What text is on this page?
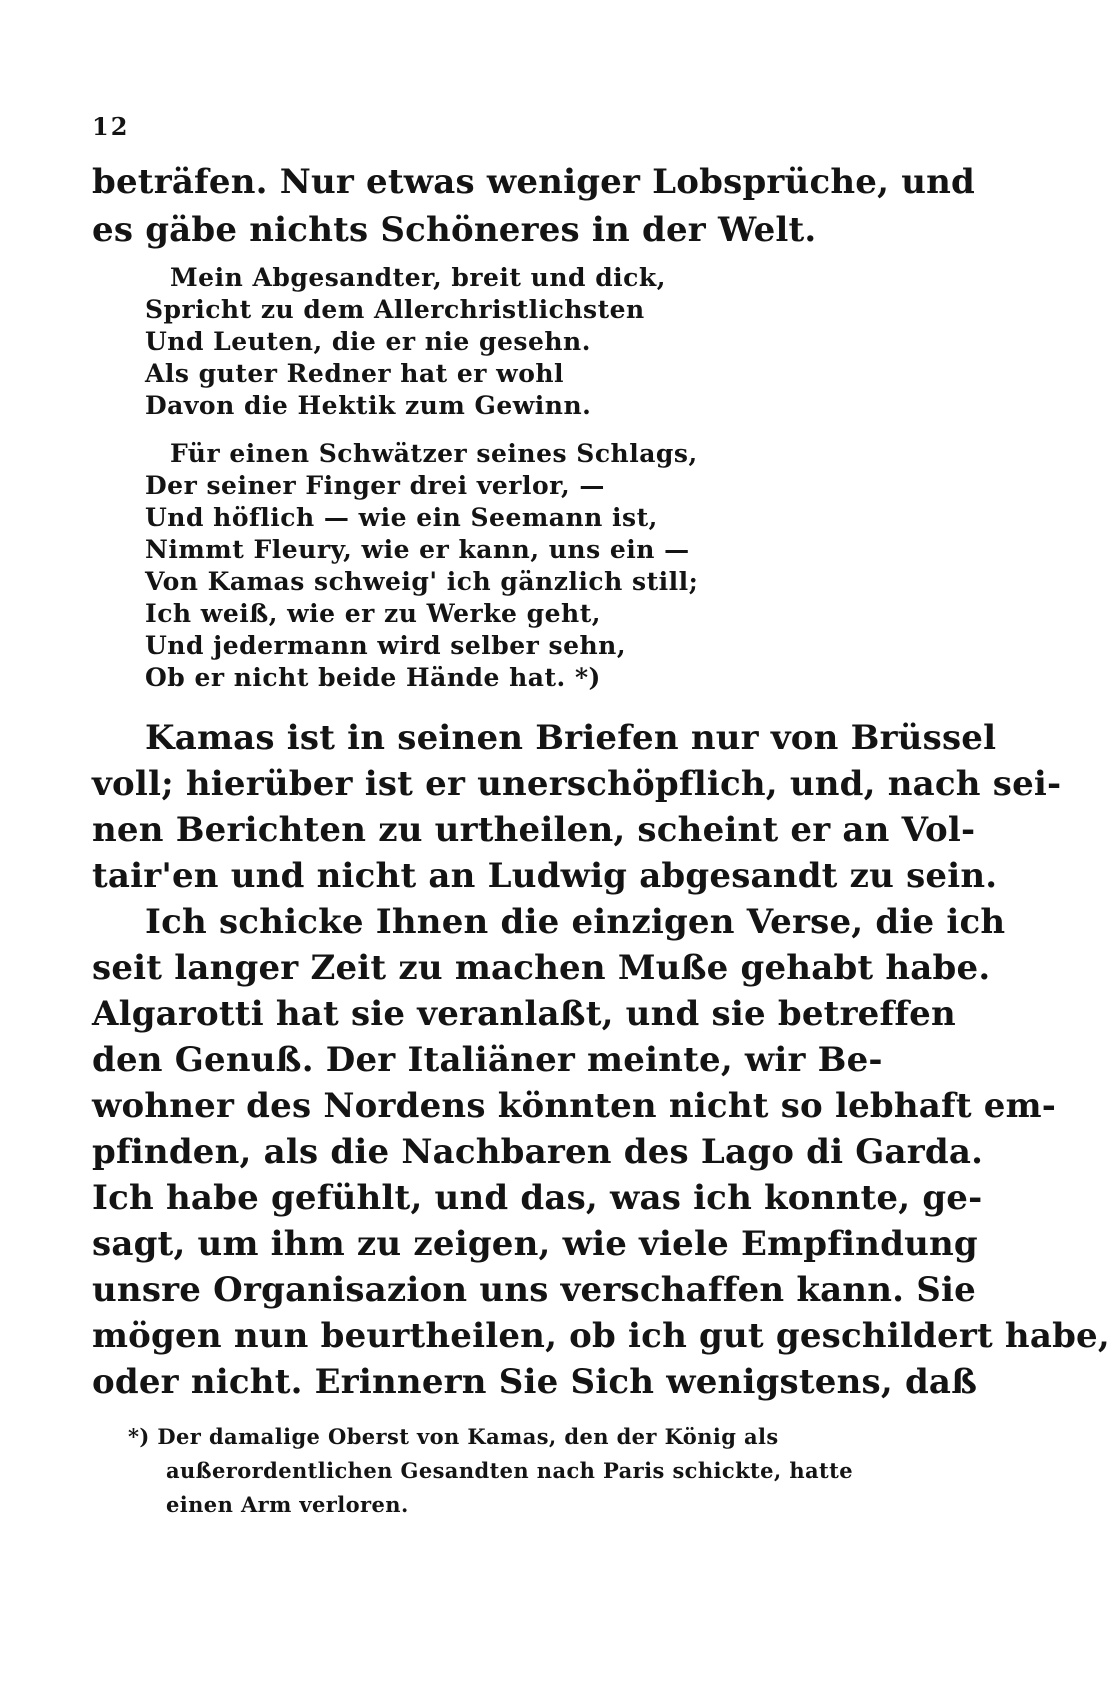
12
beträfen. Nur etwas weniger Lobsprüche, und
es gäbe nichts Schöneres in der Welt.
Mein Abgesandter, breit und dick,
Spricht zu dem Allerchristlichsten
Und Leuten, die er nie gesehn.
Als guter Redner hat er wohl
Davon die Hektik zum Gewinn.
Für einen Schwätzer seines Schlags,
Der seiner Finger drei verlor, —
Und höflich — wie ein Seemann ist,
Nimmt Fleury, wie er kann, uns ein —
Von Kamas schweig' ich gänzlich still;
Ich weiß, wie er zu Werke geht,
Und jedermann wird selber sehn,
Ob er nicht beide Hände hat. *)
Kamas ist in seinen Briefen nur von Brüssel
voll; hierüber ist er unerschöpflich, und, nach sei-
nen Berichten zu urtheilen, scheint er an Vol-
tair'en und nicht an Ludwig abgesandt zu sein.
Ich schicke Ihnen die einzigen Verse, die ich
seit langer Zeit zu machen Muße gehabt habe.
Algarotti hat sie veranlaßt, und sie betreffen
den Genuß. Der Italiäner meinte, wir Be-
wohner des Nordens könnten nicht so lebhaft em-
pfinden, als die Nachbaren des Lago di Garda.
Ich habe gefühlt, und das, was ich konnte, ge-
sagt, um ihm zu zeigen, wie viele Empfindung
unsre Organisazion uns verschaffen kann. Sie
mögen nun beurtheilen, ob ich gut geschildert habe,
oder nicht. Erinnern Sie Sich wenigstens, daß
*) Der damalige Oberst von Kamas, den der König als
außerordentlichen Gesandten nach Paris schickte, hatte
einen Arm verloren.
